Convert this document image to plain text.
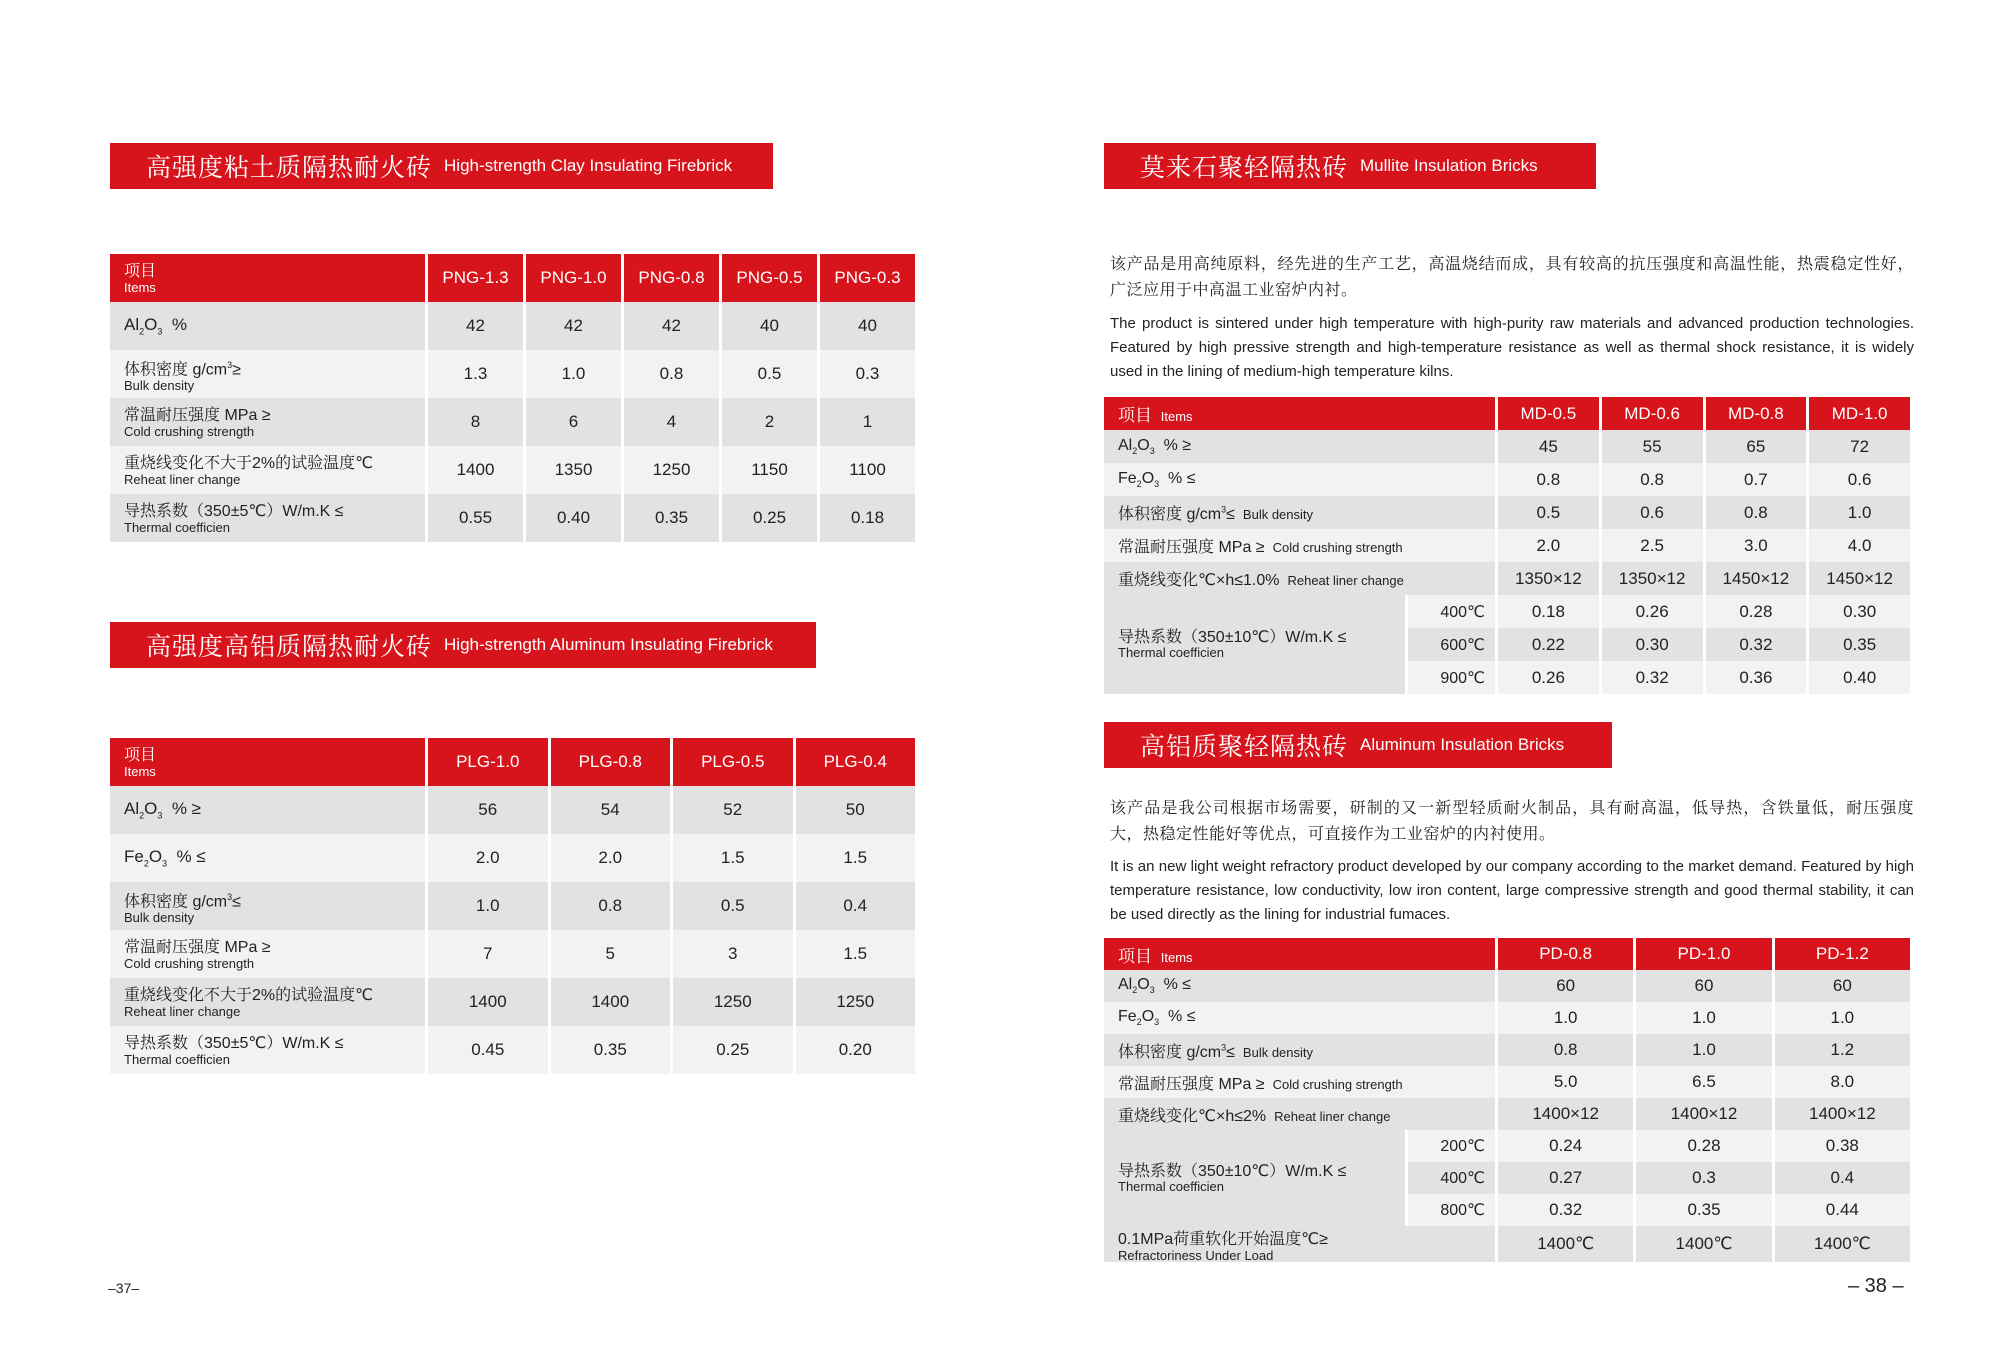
高强度粘土质隔热耐火砖 High-strength Clay Insulating Firebrick
项目
Items	PNG-1.3	PNG-1.0	PNG-0.8	PNG-0.5	PNG-0.3
$Al_2O_3$  %	42	42	42	40	40

体积密度 $g/cm^3\ge$
Bulk density	1.3	1.0	0.8	0.5	0.3

常温耐压强度 MPa ≥
Cold crushing strength	8	6	4	2	1

重烧线变化不大于2%的试验温度℃
Reheat liner change	1400	1350	1250	1150	1100

导热系数（350±5℃）W/m.K ≤
Thermal coefficien	0.55	0.40	0.35	0.25	0.18
高强度高铝质隔热耐火砖 High-strength Aluminum Insulating Firebrick
项目
Items	PLG-1.0	PLG-0.8	PLG-0.5	PLG-0.4
$Al_2O_3$  % ≥	56	54	52	50
$Fe_2O_3$  % ≤	2.0	2.0	1.5	1.5

体积密度 $g/cm^3\le$
Bulk density	1.0	0.8	0.5	0.4

常温耐压强度 MPa ≥
Cold crushing strength	7	5	3	1.5

重烧线变化不大于2%的试验温度℃
Reheat liner change	1400	1400	1250	1250

导热系数（350±5℃）W/m.K ≤
Thermal coefficien	0.45	0.35	0.25	0.20
–37–
莫来石聚轻隔热砖 Mullite Insulation Bricks
该产品是用高纯原料，经先进的生产工艺，高温烧结而成，具有较高的抗压强度和高温性能，热震稳定性好，广泛应用于中高温工业窑炉内衬。
The product is sintered under high temperature with high-purity raw materials and advanced production technologies. Featured by high pressive strength and high-temperature resistance as well as thermal shock resistance, it is widely used in the lining of medium-high temperature kilns.
项目 Items		MD-0.5	MD-0.6	MD-0.8	MD-1.0
$Al_2O_3$  % ≥		45	55	65	72
$Fe_2O_3$  % ≤		0.8	0.8	0.7	0.6
体积密度 $g/cm^3\le$ Bulk density		0.5	0.6	0.8	1.0
常温耐压强度 MPa ≥ Cold crushing strength		2.0	2.5	3.0	4.0
重烧线变化℃×h≤1.0% Reheat liner change		1350×12	1350×12	1450×12	1450×12
导热系数（350±10℃）W/m.K ≤
Thermal coefficien	400℃	0.18	0.26	0.28	0.30
	600℃	0.22	0.30	0.32	0.35
	900℃	0.26	0.32	0.36	0.40
高铝质聚轻隔热砖 Aluminum Insulation Bricks
该产品是我公司根据市场需要，研制的又一新型轻质耐火制品，具有耐高温，低导热，含铁量低，耐压强度大，热稳定性能好等优点，可直接作为工业窑炉的内衬使用。
It is an new light weight refractory product developed by our company according to the market demand. Featured by high temperature resistance, low conductivity, low iron content, large compressive strength and good thermal stability, it can be used directly as the lining for industrial fumaces.
项目 Items		PD-0.8	PD-1.0	PD-1.2
$Al_2O_3$  % ≤		60	60	60
$Fe_2O_3$  % ≤		1.0	1.0	1.0
体积密度 $g/cm^3\le$ Bulk density		0.8	1.0	1.2
常温耐压强度 MPa ≥ Cold crushing strength		5.0	6.5	8.0
重烧线变化℃×h≤2% Reheat liner change		1400×12	1400×12	1400×12
导热系数（350±10℃）W/m.K ≤
Thermal coefficien	200℃	0.24	0.28	0.38
	400℃	0.27	0.3	0.4
	800℃	0.32	0.35	0.44
0.1MPa荷重软化开始温度℃≥
Refractoriness Under Load		1400℃	1400℃	1400℃
– 38 –
